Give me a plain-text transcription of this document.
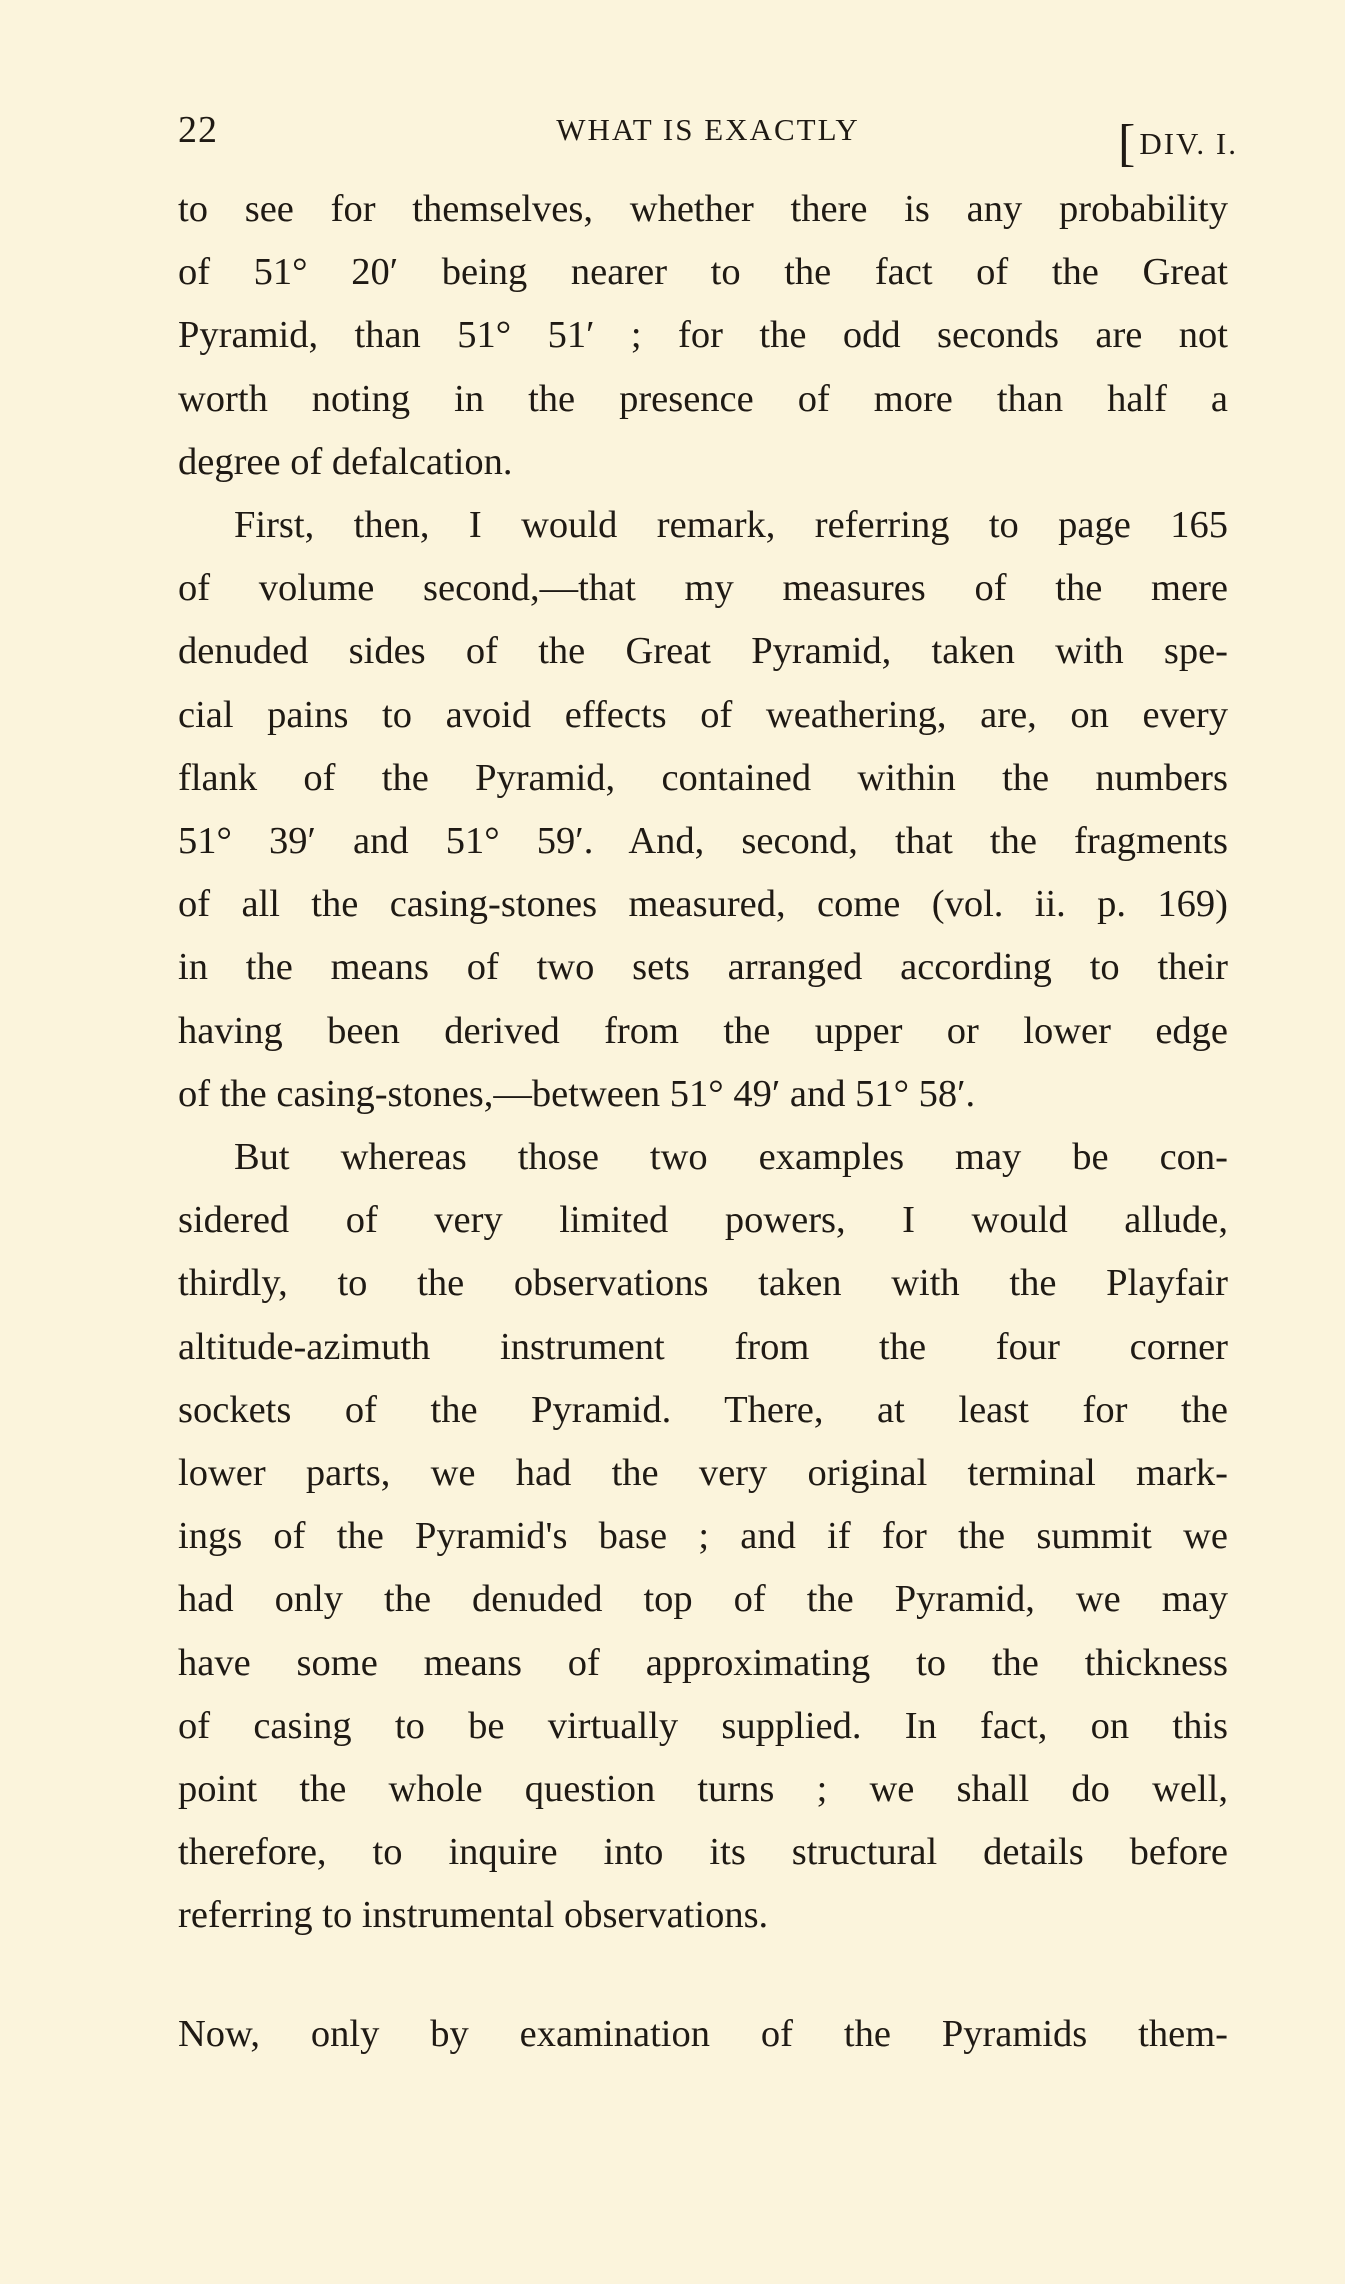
22	WHAT IS EXACTLY	[DIV. I.
to see for themselves, whether there is any probability
of 51° 20′ being nearer to the fact of the Great
Pyramid, than 51° 51′ ; for the odd seconds are not
worth noting in the presence of more than half a
degree of defalcation.
First, then, I would remark, referring to page 165
of volume second,—that my measures of the mere
denuded sides of the Great Pyramid, taken with spe-
cial pains to avoid effects of weathering, are, on every
flank of the Pyramid, contained within the numbers
51° 39′ and 51° 59′. And, second, that the fragments
of all the casing-stones measured, come (vol. ii. p. 169)
in the means of two sets arranged according to their
having been derived from the upper or lower edge
of the casing-stones,—between 51° 49′ and 51° 58′.
But whereas those two examples may be con-
sidered of very limited powers, I would allude,
thirdly, to the observations taken with the Playfair
altitude-azimuth instrument from the four corner
sockets of the Pyramid. There, at least for the
lower parts, we had the very original terminal mark-
ings of the Pyramid's base ; and if for the summit we
had only the denuded top of the Pyramid, we may
have some means of approximating to the thickness
of casing to be virtually supplied. In fact, on this
point the whole question turns ; we shall do well,
therefore, to inquire into its structural details before
referring to instrumental observations.
Now, only by examination of the Pyramids them-
